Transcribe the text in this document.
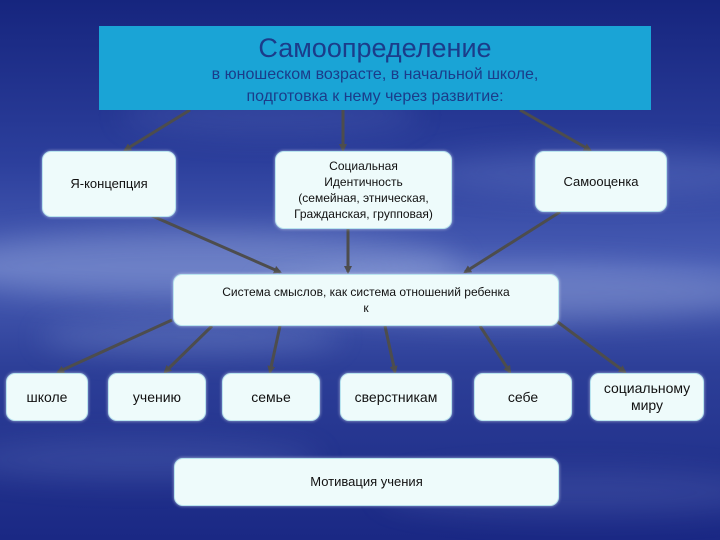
Самоопределение
в юношеском возрасте, в начальной школе,
подготовка к нему через развитие:
Я-концепция
Социальная
Идентичность
(семейная, этническая,
Гражданская, групповая)
Самооценка
Система смыслов, как система отношений ребенка
к
школе	учению	семье	сверстникам	себе
социальному
миру
Мотивация учения
